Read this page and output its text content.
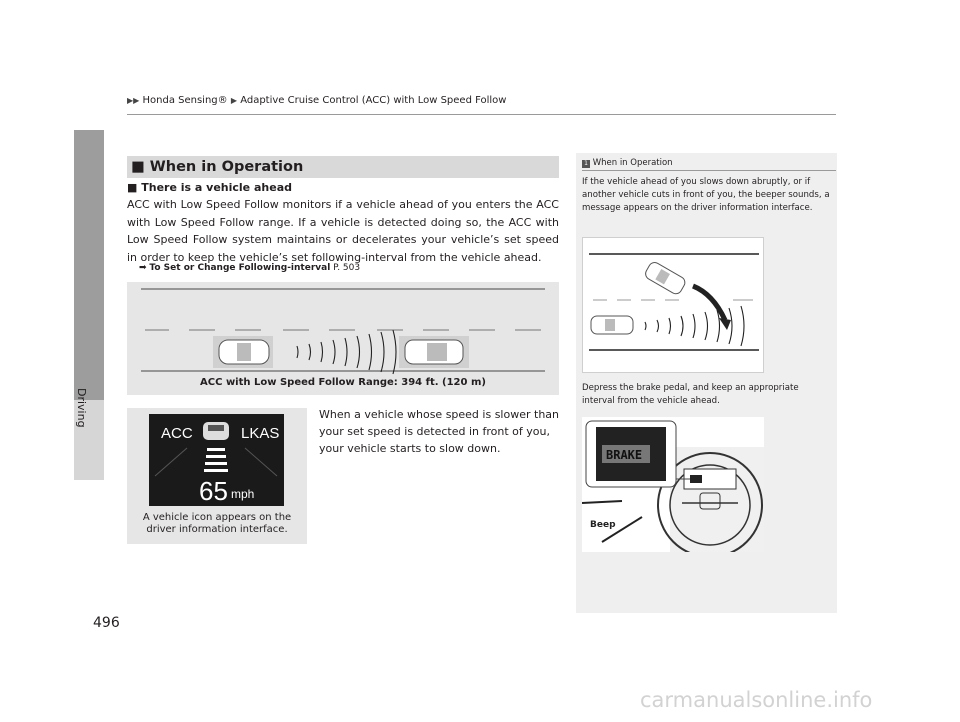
▶▶ Honda Sensing® ▶ Adaptive Cruise Control (ACC) with Low Speed Follow
Driving
■ When in Operation
■ There is a vehicle ahead
ACC with Low Speed Follow monitors if a vehicle ahead of you enters the ACC with Low Speed Follow range. If a vehicle is detected doing so, the ACC with Low Speed Follow system maintains or decelerates your vehicle’s set speed in order to keep the vehicle’s set following-interval from the vehicle ahead.
➡ To Set or Change Following-interval P. 503
ACC with Low Speed Follow Range: 394 ft. (120 m)
ACC	LKAS
65 mph
A vehicle icon appears on the driver information interface.
When a vehicle whose speed is slower than your set speed is detected in front of you, your vehicle starts to slow down.
1 When in Operation
If the vehicle ahead of you slows down abruptly, or if another vehicle cuts in front of you, the beeper sounds, a message appears on the driver information interface.
Depress the brake pedal, and keep an appropriate interval from the vehicle ahead.
BRAKE
Beep
496
carmanualsonline.info
